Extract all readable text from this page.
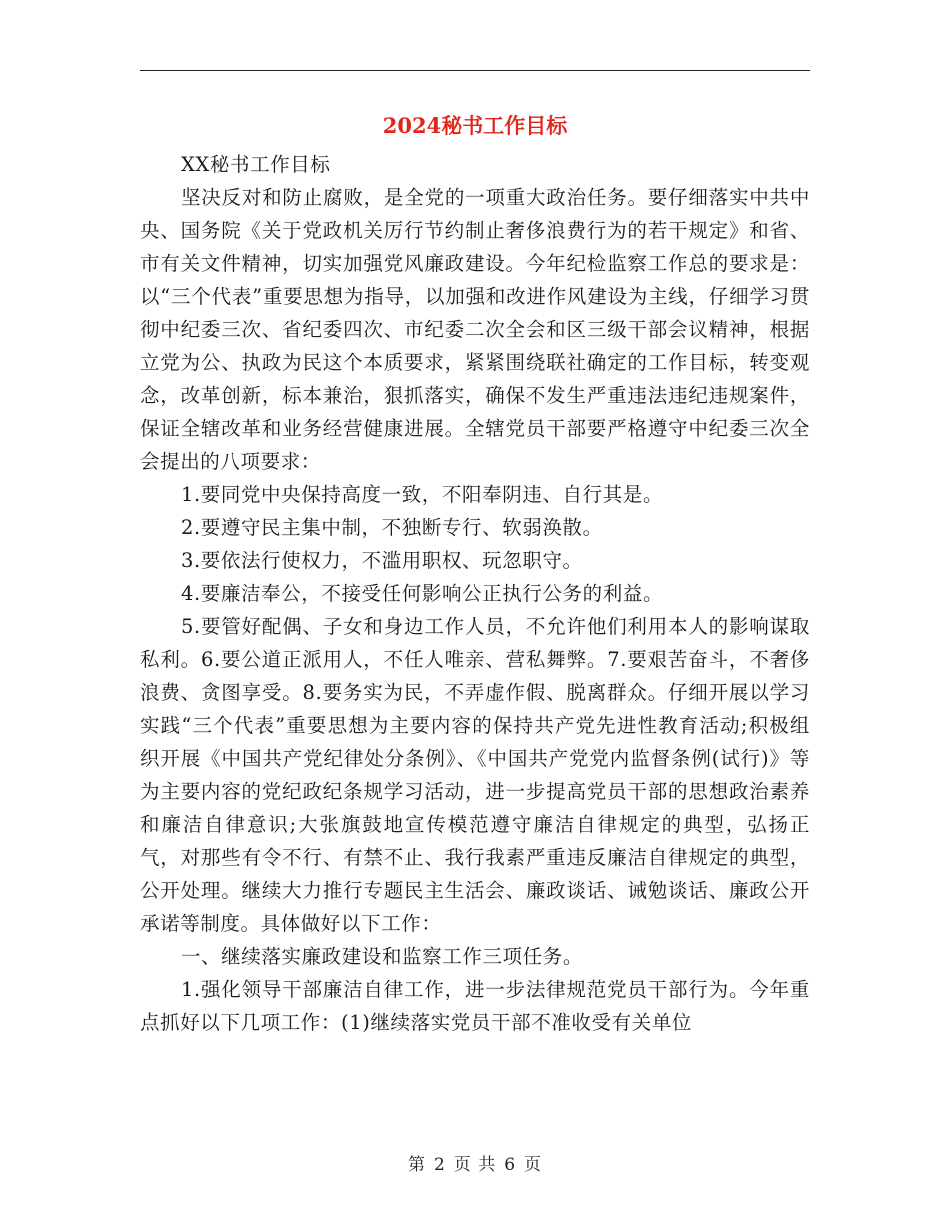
2024秘书工作目标

XX秘书工作目标

坚决反对和防止腐败，是全党的一项重大政治任务。要仔细落实中共中央、国务院《关于党政机关厉行节约制止奢侈浪费行为的若干规定》和省、市有关文件精神，切实加强党风廉政建设。今年纪检监察工作总的要求是：以“三个代表”重要思想为指导，以加强和改进作风建设为主线，仔细学习贯彻中纪委三次、省纪委四次、市纪委二次全会和区三级干部会议精神，根据立党为公、执政为民这个本质要求，紧紧围绕联社确定的工作目标，转变观念，改革创新，标本兼治，狠抓落实，确保不发生严重违法违纪违规案件，保证全辖改革和业务经营健康进展。全辖党员干部要严格遵守中纪委三次全会提出的八项要求：

1.要同党中央保持高度一致，不阳奉阴违、自行其是。

2.要遵守民主集中制，不独断专行、软弱涣散。

3.要依法行使权力，不滥用职权、玩忽职守。

4.要廉洁奉公，不接受任何影响公正执行公务的利益。

5.要管好配偶、子女和身边工作人员，不允许他们利用本人的影响谋取私利。6.要公道正派用人，不任人唯亲、营私舞弊。7.要艰苦奋斗，不奢侈浪费、贪图享受。8.要务实为民，不弄虚作假、脱离群众。仔细开展以学习实践“三个代表”重要思想为主要内容的保持共产党先进性教育活动;积极组织开展《中国共产党纪律处分条例》、《中国共产党党内监督条例(试行)》等为主要内容的党纪政纪条规学习活动，进一步提高党员干部的思想政治素养和廉洁自律意识;大张旗鼓地宣传模范遵守廉洁自律规定的典型，弘扬正气，对那些有令不行、有禁不止、我行我素严重违反廉洁自律规定的典型，公开处理。继续大力推行专题民主生活会、廉政谈话、诫勉谈话、廉政公开承诺等制度。具体做好以下工作：

一、继续落实廉政建设和监察工作三项任务。

1.强化领导干部廉洁自律工作，进一步法律规范党员干部行为。今年重点抓好以下几项工作：(1)继续落实党员干部不准收受有关单位

第 2 页 共 6 页
